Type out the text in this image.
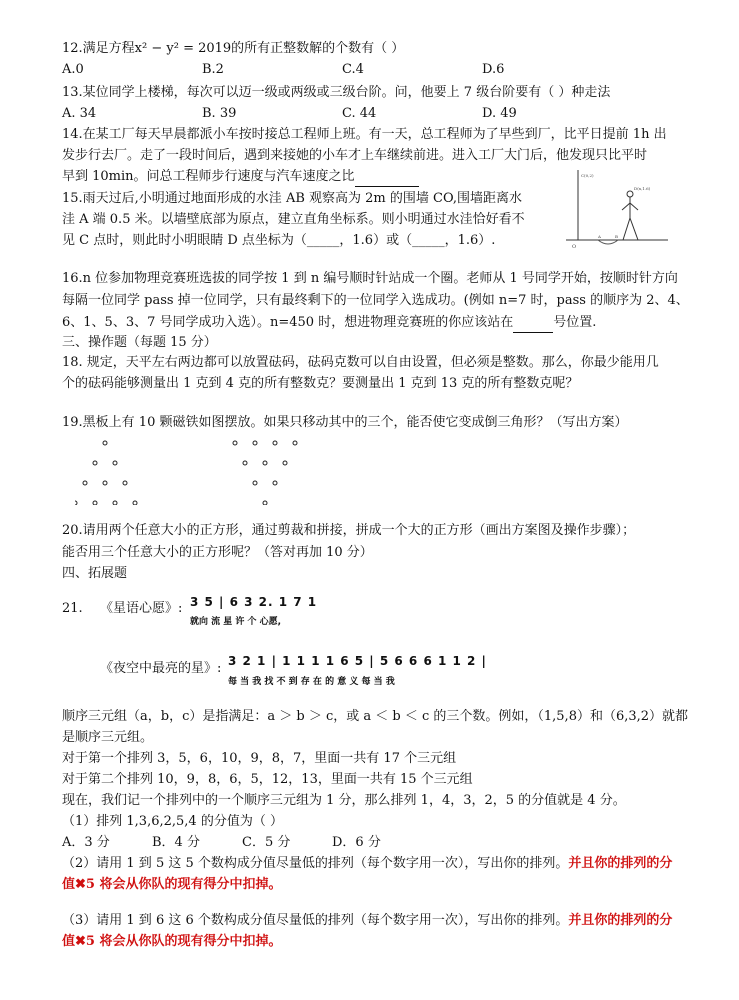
12.满足方程x² − y² = 2019的所有正整数解的个数有（ ）
A.0	B.2	C.4	D.6
13.某位同学上楼梯，每次可以迈一级或两级或三级台阶。问，他要上 7 级台阶要有（ ）种走法
A. 34	B. 39	C. 44	D. 49
14.在某工厂每天早晨都派小车按时接总工程师上班。有一天，总工程师为了早些到厂，比平日提前 1h 出
发步行去厂。走了一段时间后，遇到来接她的小车才上车继续前进。进入工厂大门后，他发现只比平时
早到 10min。问总工程师步行速度与汽车速度之比
15.雨天过后,小明通过地面形成的水洼 AB 观察高为 2m 的围墙 CO,围墙距离水
洼 A 端 0.5 米。以墙壁底部为原点，建立直角坐标系。则小明通过水洼恰好看不
见 C 点时，则此时小明眼睛 D 点坐标为（_____，1.6）或（_____，1.6）.
C(0,2)
O
A	B
D(x,1.6)
16.n 位参加物理竞赛班选拔的同学按 1 到 n 编号顺时针站成一个圈。老师从 1 号同学开始，按顺时针方向
每隔一位同学 pass 掉一位同学，只有最终剩下的一位同学入选成功。(例如 n=7 时，pass 的顺序为 2、4、
6、1、5、3、7 号同学成功入选）。n=450 时，想进物理竞赛班的你应该站在	号位置.
三、操作题（每题 15 分）
18. 规定，天平左右两边都可以放置砝码，砝码克数可以自由设置，但必须是整数。那么，你最少能用几
个的砝码能够测量出 1 克到 4 克的所有整数克？要测量出 1 克到 13 克的所有整数克呢？
19.黑板上有 10 颗磁铁如图摆放。如果只移动其中的三个，能否使它变成倒三角形？（写出方案）
20.请用两个任意大小的正方形，通过剪裁和拼接，拼成一个大的正方形（画出方案图及操作步骤）；
能否用三个任意大小的正方形呢？（答对再加 10 分）
四、拓展题
21. 《星语心愿》: 3 5 | 6 3 2. 1 7 1
就向 流 星 许 个 心愿,
《夜空中最亮的星》: 3 2 1 | 1 1 1 1 6 5 | 5 6 6 6 1 1 2 |
每 当 我 找 不 到 存 在 的 意 义 每 当 我
顺序三元组（a，b，c）是指满足：a ＞ b ＞ c，或 a ＜ b ＜ c 的三个数。例如，（1,5,8）和（6,3,2）就都
是顺序三元组。
对于第一个排列 3，5，6，10，9，8，7，里面一共有 17 个三元组
对于第二个排列 10，9，8，6，5，12，13，里面一共有 15 个三元组
现在，我们记一个排列中的一个顺序三元组为 1 分，那么排列 1，4，3，2，5 的分值就是 4 分。
（1）排列 1,3,6,2,5,4 的分值为（ ）
A．3 分	B．4 分	C．5 分	D．6 分
（2）请用 1 到 5 这 5 个数构成分值尽量低的排列（每个数字用一次），写出你的排列。并且你的排列的分
值✖5 将会从你队的现有得分中扣掉。
（3）请用 1 到 6 这 6 个数构成分值尽量低的排列（每个数字用一次），写出你的排列。并且你的排列的分
值✖5 将会从你队的现有得分中扣掉。
